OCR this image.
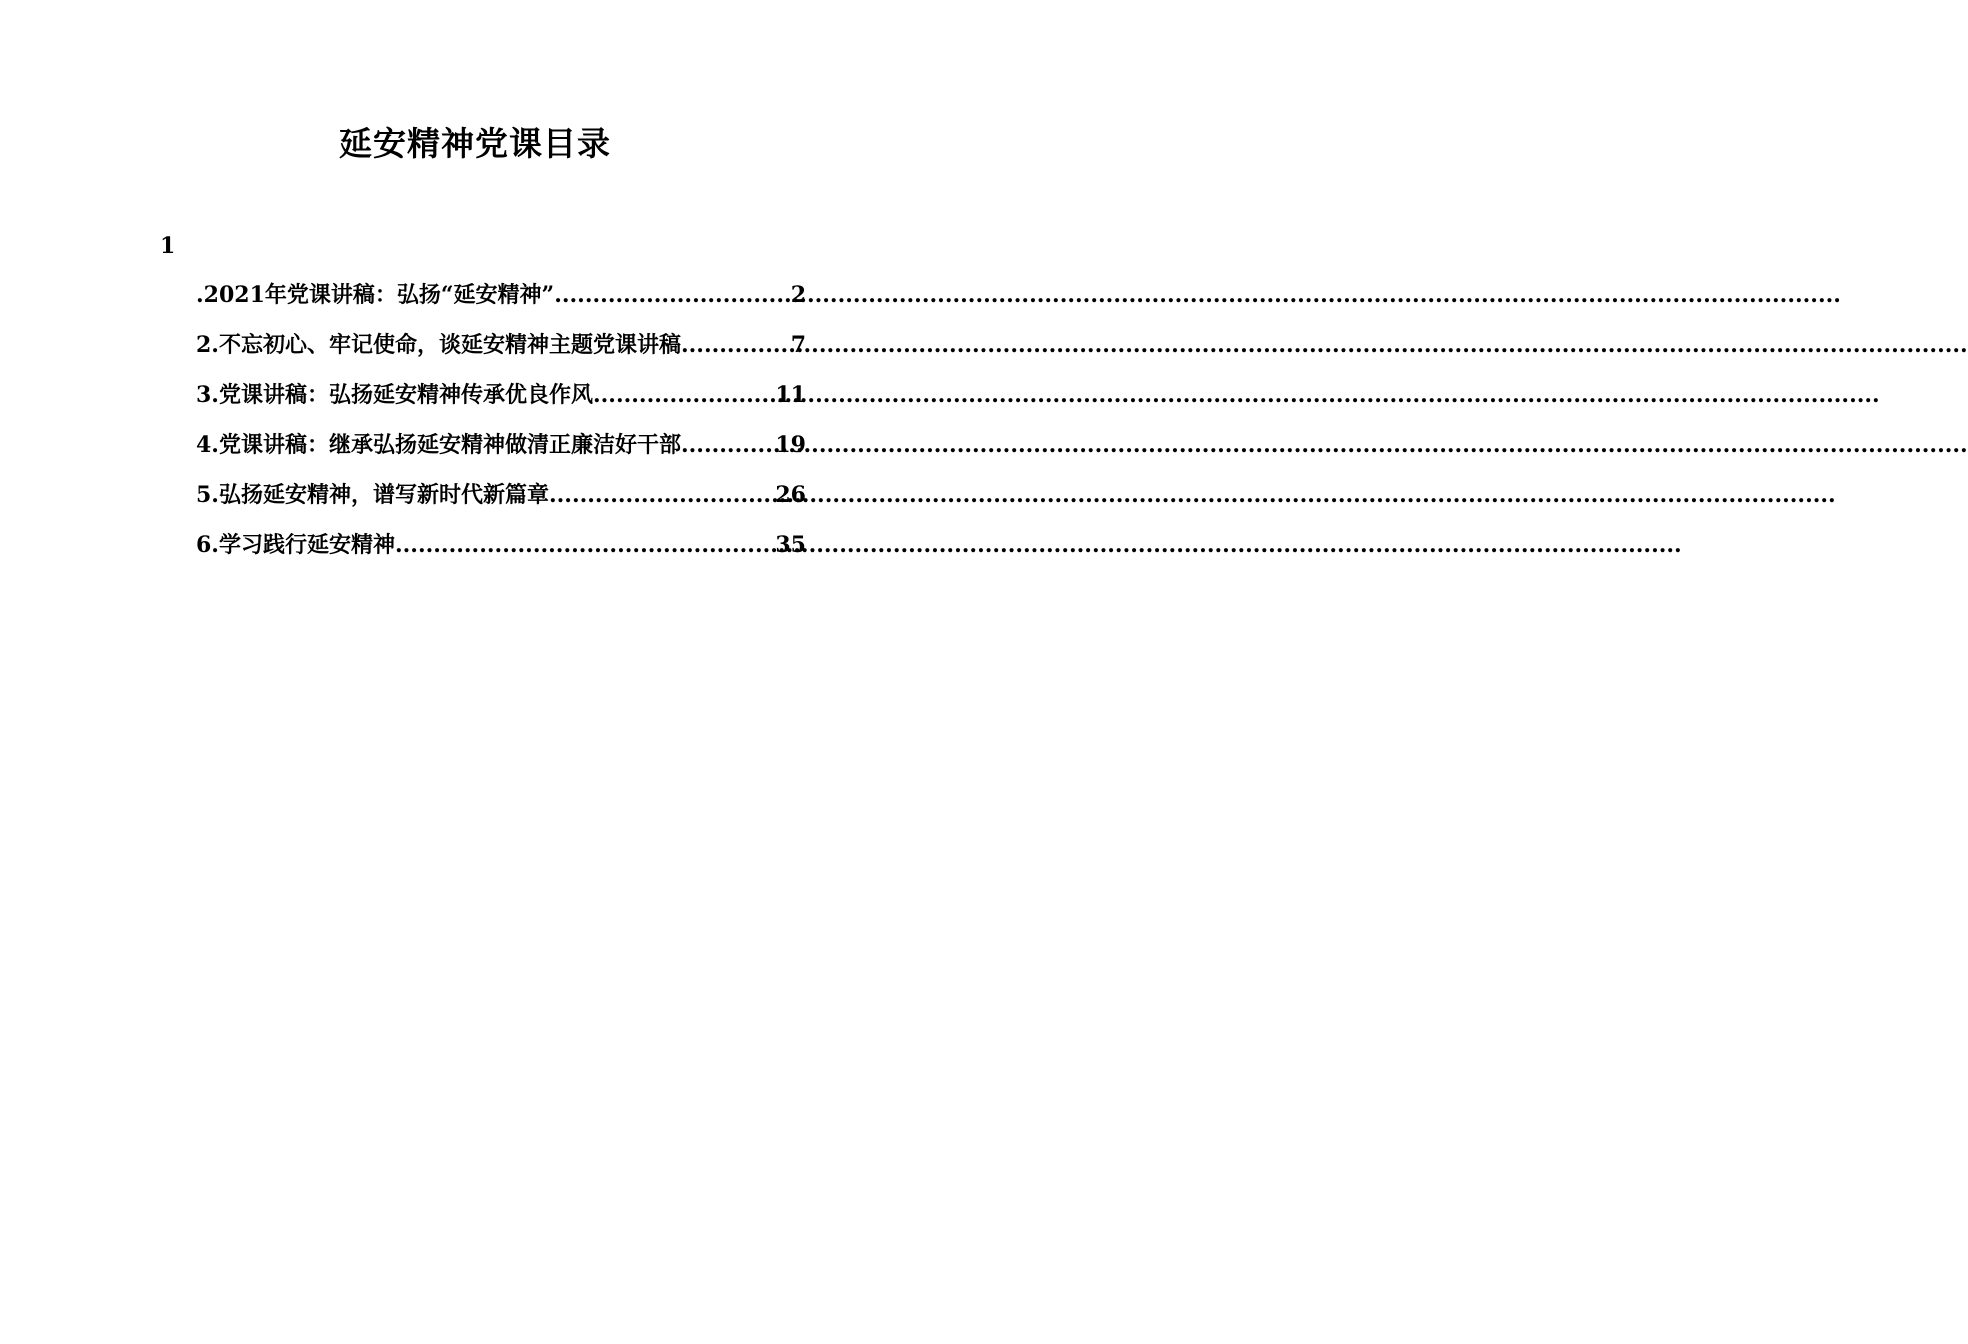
延安精神党课目录
1
.2021年党课讲稿：弘扬“延安精神” .....	2
2.不忘初心、牢记使命，谈延安精神主题党课讲稿 .....	7
3.党课讲稿：弘扬延安精神传承优良作风 .....	11
4.党课讲稿：继承弘扬延安精神做清正廉洁好干部 .....	19
5.弘扬延安精神，谱写新时代新篇章 .....	26
6.学习践行延安精神 .....	35
